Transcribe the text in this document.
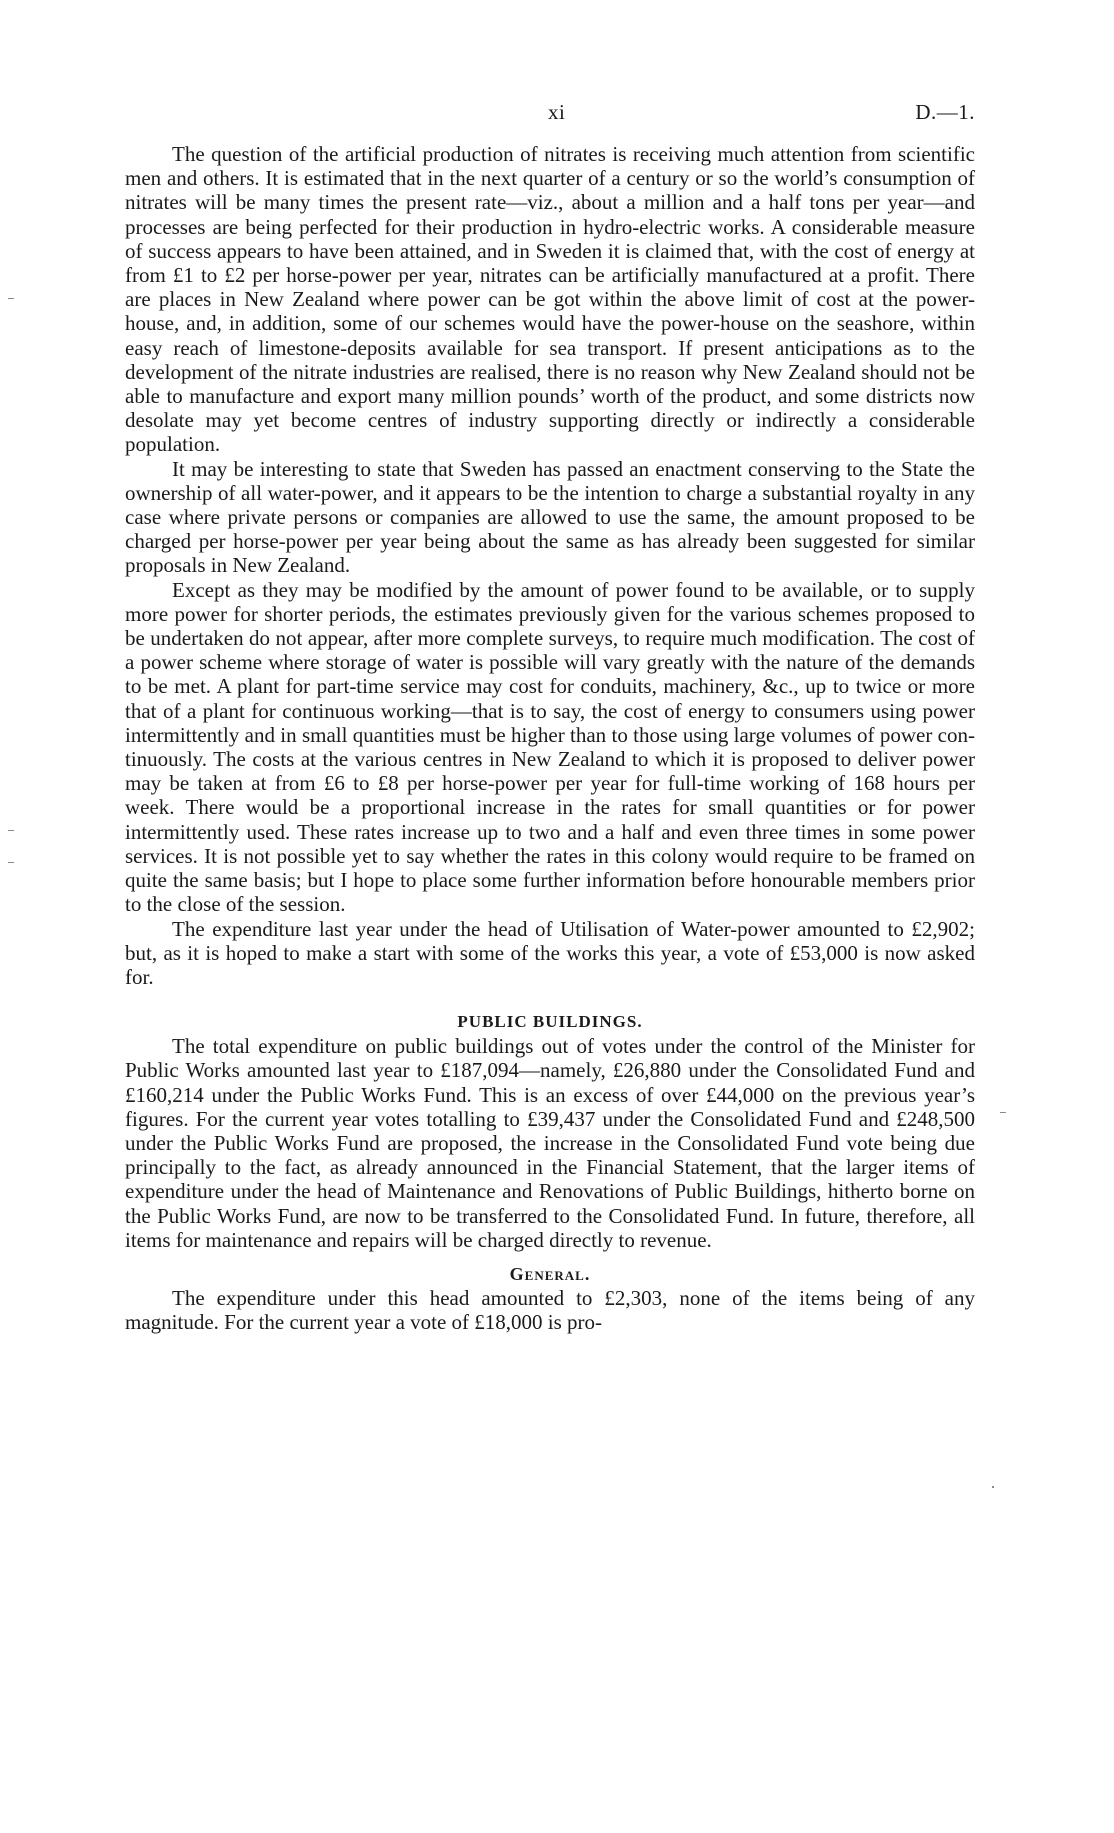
xi	D.—1.

The question of the artificial production of nitrates is receiving much attention from scientific men and others. It is estimated that in the next quarter of a century or so the world’s consumption of nitrates will be many times the present rate—viz., about a million and a half tons per year—and processes are being perfected for their production in hydro-electric works. A considerable measure of success appears to have been attained, and in Sweden it is claimed that, with the cost of energy at from £1 to £2 per horse-power per year, nitrates can be artificially manufactured at a profit. There are places in New Zealand where power can be got within the above limit of cost at the power-house, and, in addition, some of our schemes would have the power-house on the seashore, within easy reach of limestone-deposits available for sea transport. If present anticipations as to the development of the nitrate industries are realised, there is no reason why New Zealand should not be able to manufacture and export many million pounds’ worth of the product, and some districts now desolate may yet become centres of industry supporting directly or indirectly a considerable population.

It may be interesting to state that Sweden has passed an enactment conserving to the State the ownership of all water-power, and it appears to be the intention to charge a substantial royalty in any case where private persons or companies are allowed to use the same, the amount proposed to be charged per horse-power per year being about the same as has already been suggested for similar proposals in New Zealand.

Except as they may be modified by the amount of power found to be available, or to supply more power for shorter periods, the estimates previously given for the various schemes proposed to be undertaken do not appear, after more complete surveys, to require much modification. The cost of a power scheme where storage of water is possible will vary greatly with the nature of the demands to be met. A plant for part-time service may cost for conduits, machinery, &c., up to twice or more that of a plant for continuous working—that is to say, the cost of energy to consumers using power intermittently and in small quantities must be higher than to those using large volumes of power continuously. The costs at the various centres in New Zealand to which it is proposed to deliver power may be taken at from £6 to £8 per horse-power per year for full-time working of 168 hours per week. There would be a proportional increase in the rates for small quantities or for power intermittently used. These rates increase up to two and a half and even three times in some power services. It is not possible yet to say whether the rates in this colony would require to be framed on quite the same basis; but I hope to place some further information before honourable members prior to the close of the session.

The expenditure last year under the head of Utilisation of Water-power amounted to £2,902; but, as it is hoped to make a start with some of the works this year, a vote of £53,000 is now asked for.

PUBLIC BUILDINGS.

The total expenditure on public buildings out of votes under the control of the Minister for Public Works amounted last year to £187,094—namely, £26,880 under the Consolidated Fund and £160,214 under the Public Works Fund. This is an excess of over £44,000 on the previous year’s figures. For the current year votes totalling to £39,437 under the Consolidated Fund and £248,500 under the Public Works Fund are proposed, the increase in the Consolidated Fund vote being due principally to the fact, as already announced in the Financial Statement, that the larger items of expenditure under the head of Maintenance and Renovations of Public Buildings, hitherto borne on the Public Works Fund, are now to be transferred to the Consolidated Fund. In future, therefore, all items for maintenance and repairs will be charged directly to revenue.

General.

The expenditure under this head amounted to £2,303, none of the items being of any magnitude. For the current year a vote of £18,000 is pro-
